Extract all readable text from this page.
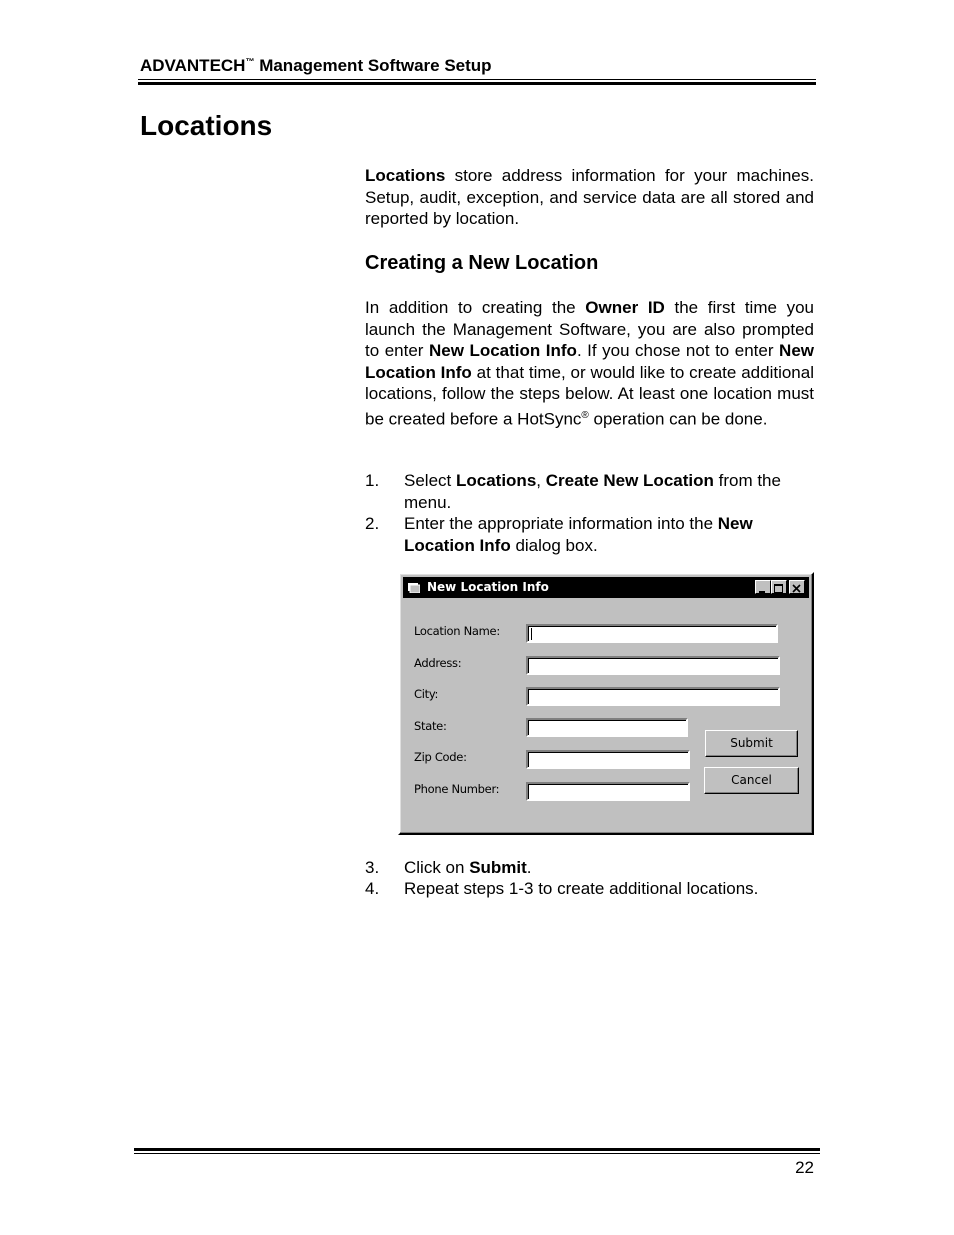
ADVANTECH™ Management Software Setup
Locations

Locations store address information for your machines. Setup, audit, exception, and service data are all stored and reported by location.

Creating a New Location

In addition to creating the Owner ID the first time you launch the Management Software, you are also prompted to enter New Location Info. If you chose not to enter New Location Info at that time, or would like to create additional locations, follow the steps below. At least one location must be created before a HotSync® operation can be done.

1. Select Locations, Create New Location from the menu.
2. Enter the appropriate information into the New Location Info dialog box.
New Location Info
Location Name:
Address:
City:
State:
Zip Code:
Phone Number:
Submit
Cancel
3. Click on Submit.
4. Repeat steps 1-3 to create additional locations.
22
